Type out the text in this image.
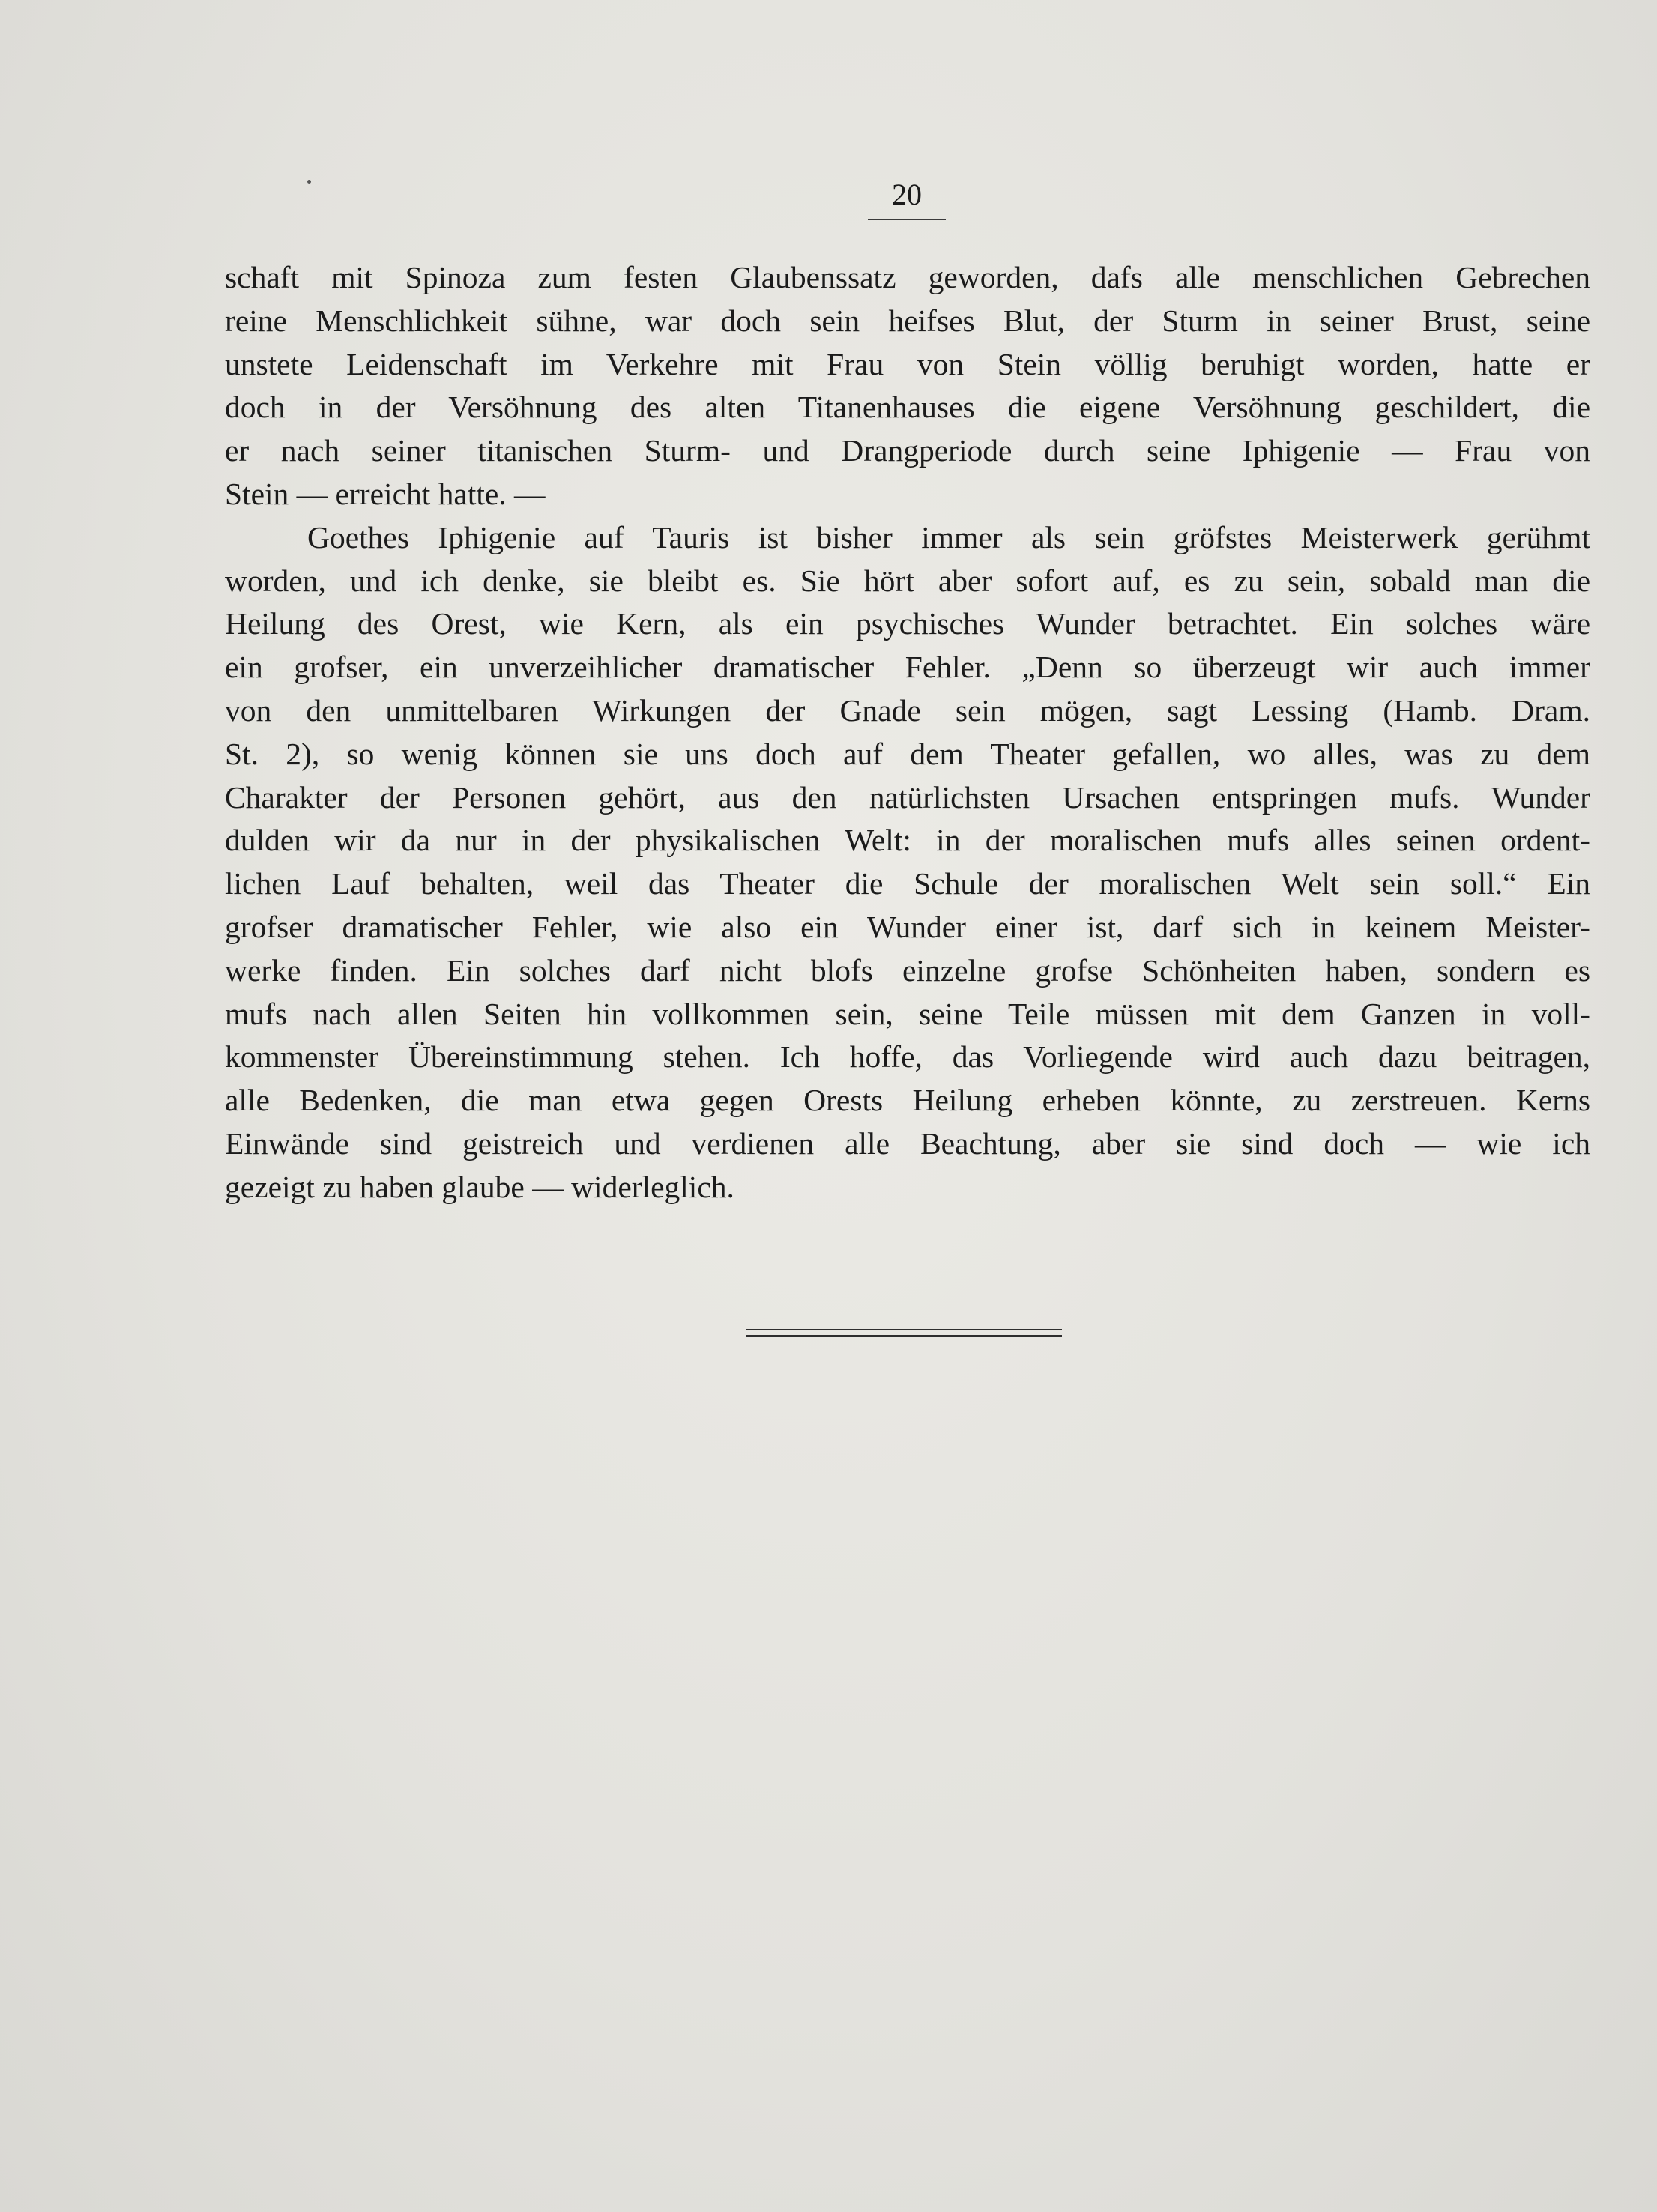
20

schaft mit Spinoza zum festen Glaubenssatz geworden, dafs alle menschlichen Gebrechen
reine Menschlichkeit sühne, war doch sein heifses Blut, der Sturm in seiner Brust, seine
unstete Leidenschaft im Verkehre mit Frau von Stein völlig beruhigt worden, hatte er
doch in der Versöhnung des alten Titanenhauses die eigene Versöhnung geschildert, die
er nach seiner titanischen Sturm- und Drangperiode durch seine Iphigenie — Frau von
Stein — erreicht hatte. —

Goethes Iphigenie auf Tauris ist bisher immer als sein gröfstes Meisterwerk gerühmt
worden, und ich denke, sie bleibt es. Sie hört aber sofort auf, es zu sein, sobald man die
Heilung des Orest, wie Kern, als ein psychisches Wunder betrachtet. Ein solches wäre
ein grofser, ein unverzeihlicher dramatischer Fehler. „Denn so überzeugt wir auch immer
von den unmittelbaren Wirkungen der Gnade sein mögen, sagt Lessing (Hamb. Dram.
St. 2), so wenig können sie uns doch auf dem Theater gefallen, wo alles, was zu dem
Charakter der Personen gehört, aus den natürlichsten Ursachen entspringen mufs. Wunder
dulden wir da nur in der physikalischen Welt: in der moralischen mufs alles seinen ordent-
lichen Lauf behalten, weil das Theater die Schule der moralischen Welt sein soll.“ Ein
grofser dramatischer Fehler, wie also ein Wunder einer ist, darf sich in keinem Meister-
werke finden. Ein solches darf nicht blofs einzelne grofse Schönheiten haben, sondern es
mufs nach allen Seiten hin vollkommen sein, seine Teile müssen mit dem Ganzen in voll-
kommenster Übereinstimmung stehen. Ich hoffe, das Vorliegende wird auch dazu beitragen,
alle Bedenken, die man etwa gegen Orests Heilung erheben könnte, zu zerstreuen. Kerns
Einwände sind geistreich und verdienen alle Beachtung, aber sie sind doch — wie ich
gezeigt zu haben glaube — widerleglich.
